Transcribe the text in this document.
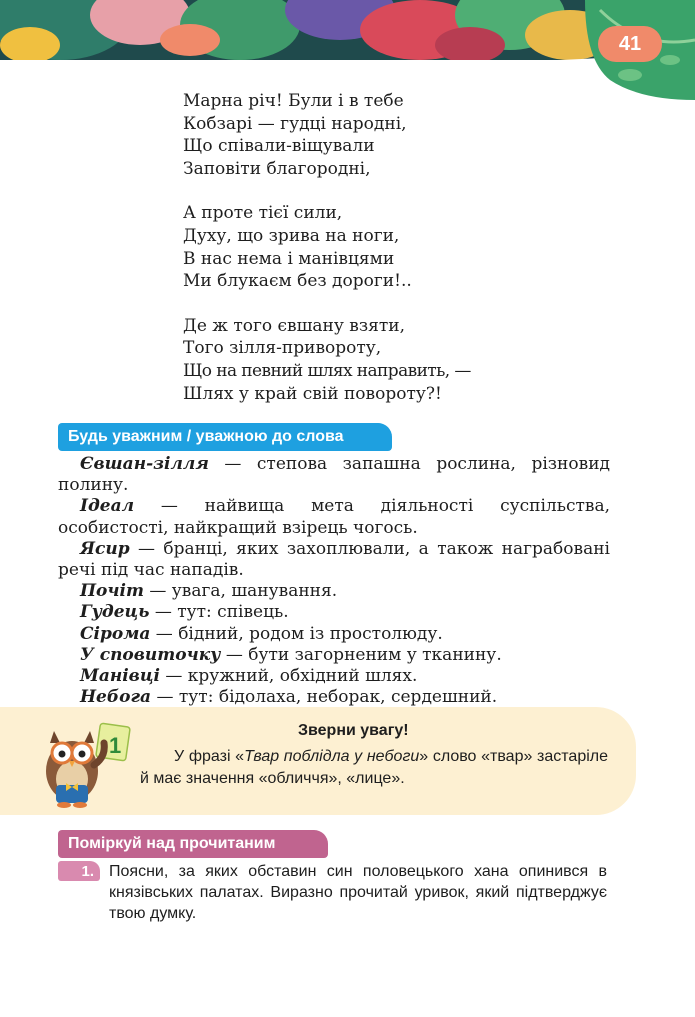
41
Марна річ! Були і в тебе
Кобзарі — гудці народні,
Що співали-віщували
Заповіти благородні,
А проте тієї сили,
Духу, що зрива на ноги,
В нас нема і манівцями
Ми блукаєм без дороги!..
Де ж того євшану взяти,
Того зілля-привороту,
Що на певний шлях направить, —
Шлях у край свій повороту?!
Будь уважним / уважною до слова
Євшан-зілля — степова запашна рослина, різновид полину.
Ідеал — найвища мета діяльності суспільства, особистості, найкращий взірець чогось.
Ясир — бранці, яких захоплювали, а також награбовані речі під час нападів.
Почіт — увага, шанування.
Гудець — тут: співець.
Сірома — бідний, родом із простолюду.
У сповиточку — бути загорненим у тканину.
Манівці — кружний, обхідний шлях.
Небога — тут: бідолаха, неборак, сердешний.
1
Зверни увагу!
У фразі «Твар поблідла у небоги» слово «твар» застаріле й має значення «обличчя», «лице».
Поміркуй над прочитаним
1. Поясни, за яких обставин син половецького хана опинився в князівських палатах. Виразно прочитай уривок, який підтверджує твою думку.
